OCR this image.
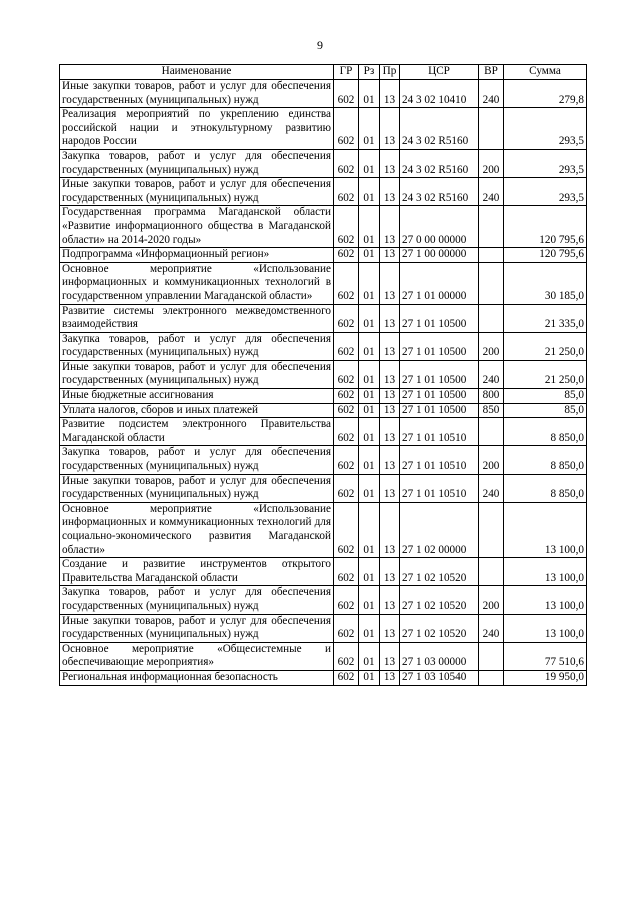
9
Наименование	ГР	Рз	Пр	ЦСР	ВР	Сумма
Иные закупки товаров, работ и услуг для обеспечения государственных (муниципальных) нужд	602	01	13	24 3 02 10410	240	279,8
Реализация мероприятий по укреплению единства российской нации и этнокультурному развитию народов России	602	01	13	24 3 02 R5160		293,5
Закупка товаров, работ и услуг для обеспечения государственных (муниципальных) нужд	602	01	13	24 3 02 R5160	200	293,5
Иные закупки товаров, работ и услуг для обеспечения государственных (муниципальных) нужд	602	01	13	24 3 02 R5160	240	293,5
Государственная программа Магаданской области «Развитие информационного общества в Магаданской области» на 2014-2020 годы»	602	01	13	27 0 00 00000		120 795,6
Подпрограмма «Информационный регион»	602	01	13	27 1 00 00000		120 795,6
Основное мероприятие «Использование информационных и коммуникационных технологий в государственном управлении Магаданской области»	602	01	13	27 1 01 00000		30 185,0
Развитие системы электронного межведомственного взаимодействия	602	01	13	27 1 01 10500		21 335,0
Закупка товаров, работ и услуг для обеспечения государственных (муниципальных) нужд	602	01	13	27 1 01 10500	200	21 250,0
Иные закупки товаров, работ и услуг для обеспечения государственных (муниципальных) нужд	602	01	13	27 1 01 10500	240	21 250,0
Иные бюджетные ассигнования	602	01	13	27 1 01 10500	800	85,0
Уплата налогов, сборов и иных платежей	602	01	13	27 1 01 10500	850	85,0
Развитие подсистем электронного Правительства Магаданской области	602	01	13	27 1 01 10510		8 850,0
Закупка товаров, работ и услуг для обеспечения государственных (муниципальных) нужд	602	01	13	27 1 01 10510	200	8 850,0
Иные закупки товаров, работ и услуг для обеспечения государственных (муниципальных) нужд	602	01	13	27 1 01 10510	240	8 850,0
Основное мероприятие «Использование информационных и коммуникационных технологий для социально-экономического развития Магаданской области»	602	01	13	27 1 02 00000		13 100,0
Создание и развитие инструментов открытого Правительства Магаданской области	602	01	13	27 1 02 10520		13 100,0
Закупка товаров, работ и услуг для обеспечения государственных (муниципальных) нужд	602	01	13	27 1 02 10520	200	13 100,0
Иные закупки товаров, работ и услуг для обеспечения государственных (муниципальных) нужд	602	01	13	27 1 02 10520	240	13 100,0
Основное мероприятие «Общесистемные и обеспечивающие мероприятия»	602	01	13	27 1 03 00000		77 510,6
Региональная информационная безопасность	602	01	13	27 1 03 10540		19 950,0
